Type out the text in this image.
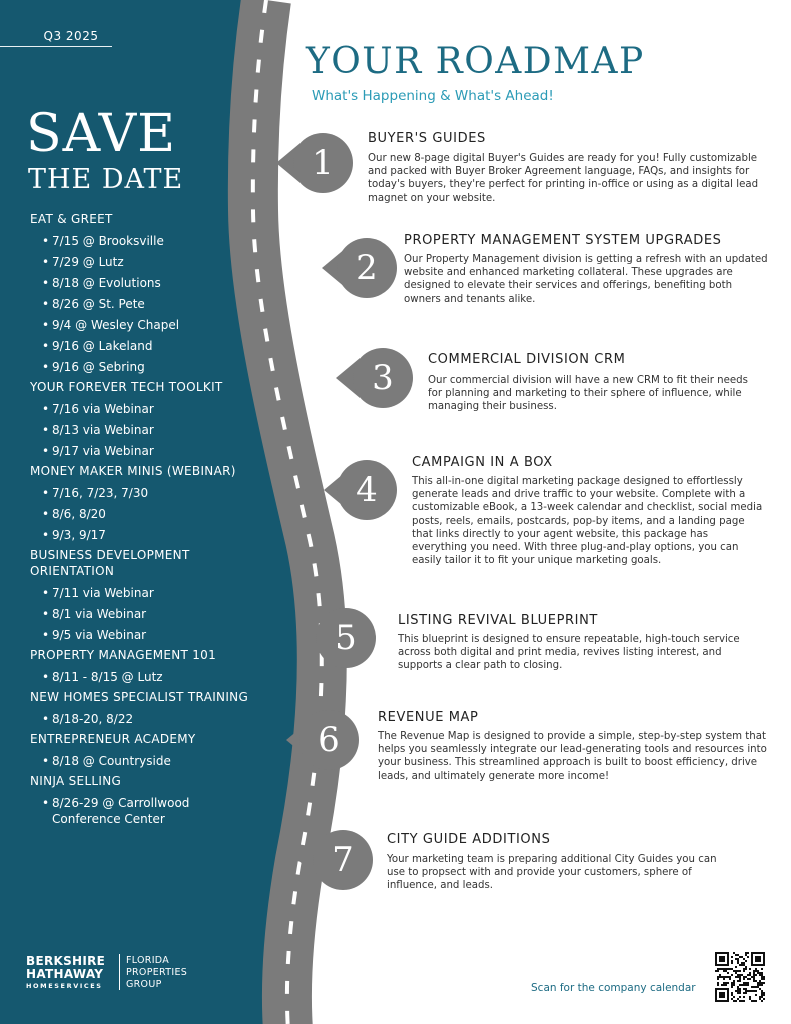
Q3 2025
SAVE
THE DATE
EAT & GREET
• 7/15 @ Brooksville
• 7/29 @ Lutz
• 8/18 @ Evolutions
• 8/26 @ St. Pete
• 9/4 @ Wesley Chapel
• 9/16 @ Lakeland
• 9/16 @ Sebring
YOUR FOREVER TECH TOOLKIT
• 7/16 via Webinar
• 8/13 via Webinar
• 9/17 via Webinar
MONEY MAKER MINIS (WEBINAR)
• 7/16, 7/23, 7/30
• 8/6, 8/20
• 9/3, 9/17
BUSINESS DEVELOPMENT ORIENTATION
• 7/11 via Webinar
• 8/1 via Webinar
• 9/5 via Webinar
PROPERTY MANAGEMENT 101
• 8/11 - 8/15 @ Lutz
NEW HOMES SPECIALIST TRAINING
• 8/18-20, 8/22
ENTREPRENEUR ACADEMY
• 8/18 @ Countryside
NINJA SELLING
• 8/26-29 @ Carrollwood Conference Center
BERKSHIRE
HATHAWAY
HOMESERVICES
FLORIDA
PROPERTIES
GROUP
YOUR ROADMAP
What's Happening & What's Ahead!
1
2
3
4
5
6
7
BUYER'S GUIDES
Our new 8-page digital Buyer's Guides are ready for you! Fully customizable and packed with Buyer Broker Agreement language, FAQs, and insights for today's buyers, they're perfect for printing in-office or using as a digital lead magnet on your website.
PROPERTY MANAGEMENT SYSTEM UPGRADES
Our Property Management division is getting a refresh with an updated website and enhanced marketing collateral. These upgrades are designed to elevate their services and offerings, benefiting both owners and tenants alike.
COMMERCIAL DIVISION CRM
Our commercial division will have a new CRM to fit their needs for planning and marketing to their sphere of influence, while managing their business.
CAMPAIGN IN A BOX
This all-in-one digital marketing package designed to effortlessly generate leads and drive traffic to your website. Complete with a customizable eBook, a 13-week calendar and checklist, social media posts, reels, emails, postcards, pop-by items, and a landing page that links directly to your agent website, this package has everything you need. With three plug-and-play options, you can easily tailor it to fit your unique marketing goals.
LISTING REVIVAL BLUEPRINT
This blueprint is designed to ensure repeatable, high-touch service across both digital and print media, revives listing interest, and supports a clear path to closing.
REVENUE MAP
The Revenue Map is designed to provide a simple, step-by-step system that helps you seamlessly integrate our lead-generating tools and resources into your business. This streamlined approach is built to boost efficiency, drive leads, and ultimately generate more income!
CITY GUIDE ADDITIONS
Your marketing team is preparing additional City Guides you can use to propsect with and provide your customers, sphere of influence, and leads.
Scan for the company calendar
